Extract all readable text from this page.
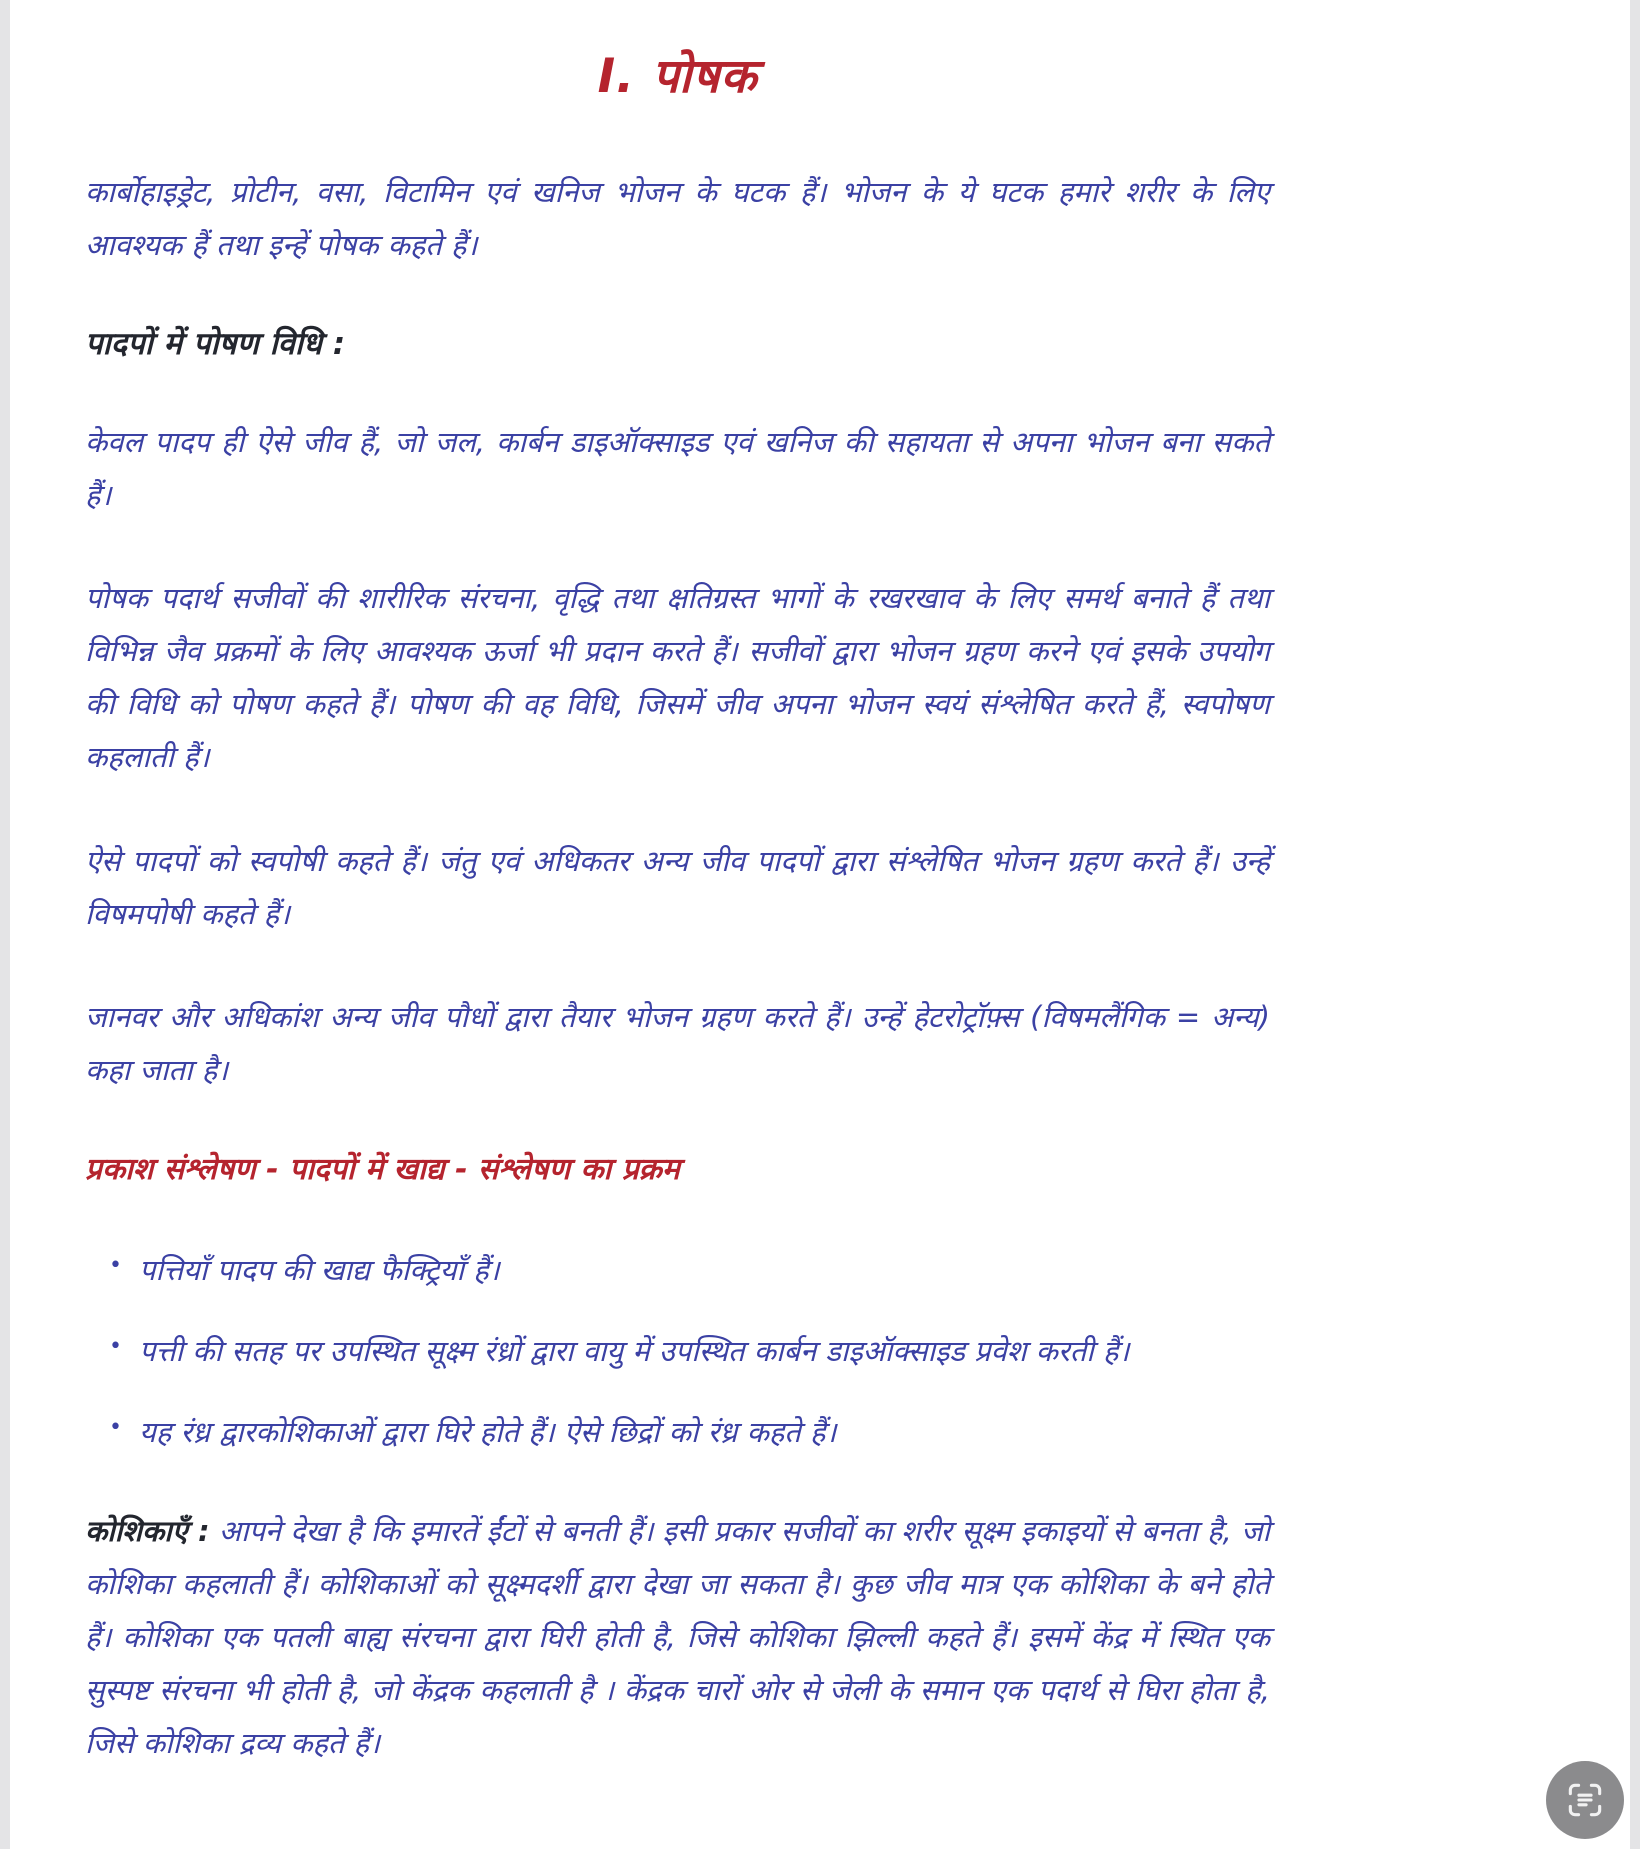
I. पोषक

कार्बोहाइड्रेट, प्रोटीन, वसा, विटामिन एवं खनिज भोजन के घटक हैं। भोजन के ये घटक हमारे शरीर के लिए आवश्यक हैं तथा इन्हें पोषक कहते हैं।

पादपों में पोषण विधि :

केवल पादप ही ऐसे जीव हैं, जो जल, कार्बन डाइऑक्साइड एवं खनिज की सहायता से अपना भोजन बना सकते हैं।

पोषक पदार्थ सजीवों की शारीरिक संरचना, वृद्धि तथा क्षतिग्रस्त भागों के रखरखाव के लिए समर्थ बनाते हैं तथा विभिन्न जैव प्रक्रमों के लिए आवश्यक ऊर्जा भी प्रदान करते हैं। सजीवों द्वारा भोजन ग्रहण करने एवं इसके उपयोग की विधि को पोषण कहते हैं। पोषण की वह विधि, जिसमें जीव अपना भोजन स्वयं संश्लेषित करते हैं, स्वपोषण कहलाती हैं।

ऐसे पादपों को स्वपोषी कहते हैं। जंतु एवं अधिकतर अन्य जीव पादपों द्वारा संश्लेषित भोजन ग्रहण करते हैं। उन्हें विषमपोषी कहते हैं।

जानवर और अधिकांश अन्य जीव पौधों द्वारा तैयार भोजन ग्रहण करते हैं। उन्हें हेटरोट्रॉफ़्स (विषमलैंगिक = अन्य) कहा जाता है।

प्रकाश संश्लेषण - पादपों में खाद्य - संश्लेषण का प्रक्रम
• पत्तियाँ पादप की खाद्य फैक्ट्रियाँ हैं।
• पत्ती की सतह पर उपस्थित सूक्ष्म रंध्रों द्वारा वायु में उपस्थित कार्बन डाइऑक्साइड प्रवेश करती हैं।
• यह रंध्र द्वारकोशिकाओं द्वारा घिरे होते हैं। ऐसे छिद्रों को रंध्र कहते हैं।

कोशिकाएँ : आपने देखा है कि इमारतें ईंटों से बनती हैं। इसी प्रकार सजीवों का शरीर सूक्ष्म इकाइयों से बनता है, जो कोशिका कहलाती हैं। कोशिकाओं को सूक्ष्मदर्शी द्वारा देखा जा सकता है। कुछ जीव मात्र एक कोशिका के बने होते हैं। कोशिका एक पतली बाह्य संरचना द्वारा घिरी होती है, जिसे कोशिका झिल्ली कहते हैं। इसमें केंद्र में स्थित एक सुस्पष्ट संरचना भी होती है, जो केंद्रक कहलाती है । केंद्रक चारों ओर से जेली के समान एक पदार्थ से घिरा होता है, जिसे कोशिका द्रव्य कहते हैं।
